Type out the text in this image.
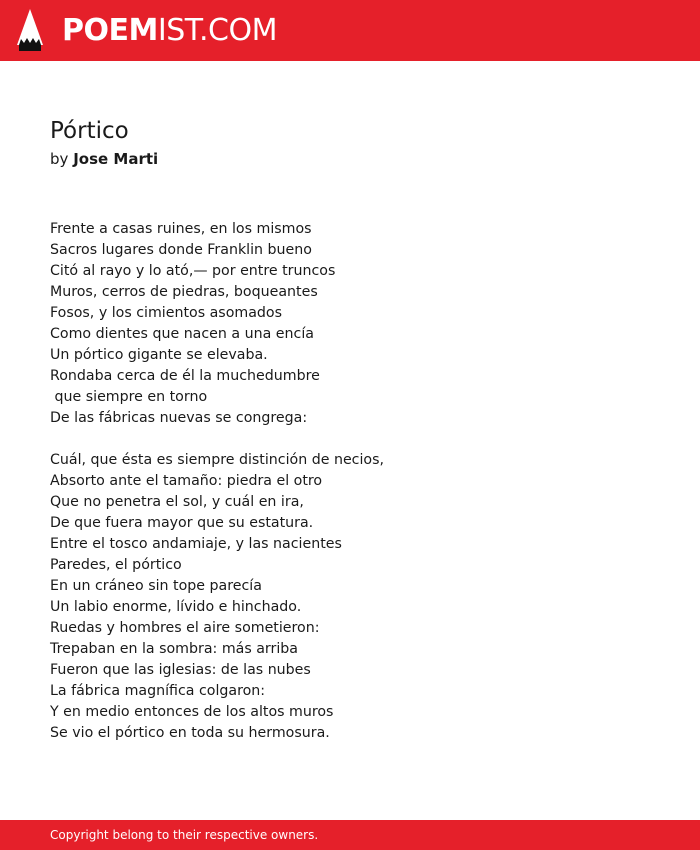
POEMIST.COM
Pórtico
by Jose Marti
Frente a casas ruines, en los mismos
Sacros lugares donde Franklin bueno
Citó al rayo y lo ató,— por entre truncos
Muros, cerros de piedras, boqueantes
Fosos, y los cimientos asomados
Como dientes que nacen a una encía
Un pórtico gigante se elevaba.
Rondaba cerca de él la muchedumbre
que siempre en torno
De las fábricas nuevas se congrega:
Cuál, que ésta es siempre distinción de necios,
Absorto ante el tamaño: piedra el otro
Que no penetra el sol, y cuál en ira,
De que fuera mayor que su estatura.
Entre el tosco andamiaje, y las nacientes
Paredes, el pórtico
En un cráneo sin tope parecía
Un labio enorme, lívido e hinchado.
Ruedas y hombres el aire sometieron:
Trepaban en la sombra: más arriba
Fueron que las iglesias: de las nubes
La fábrica magnífica colgaron:
Y en medio entonces de los altos muros
Se vio el pórtico en toda su hermosura.
Copyright belong to their respective owners.
